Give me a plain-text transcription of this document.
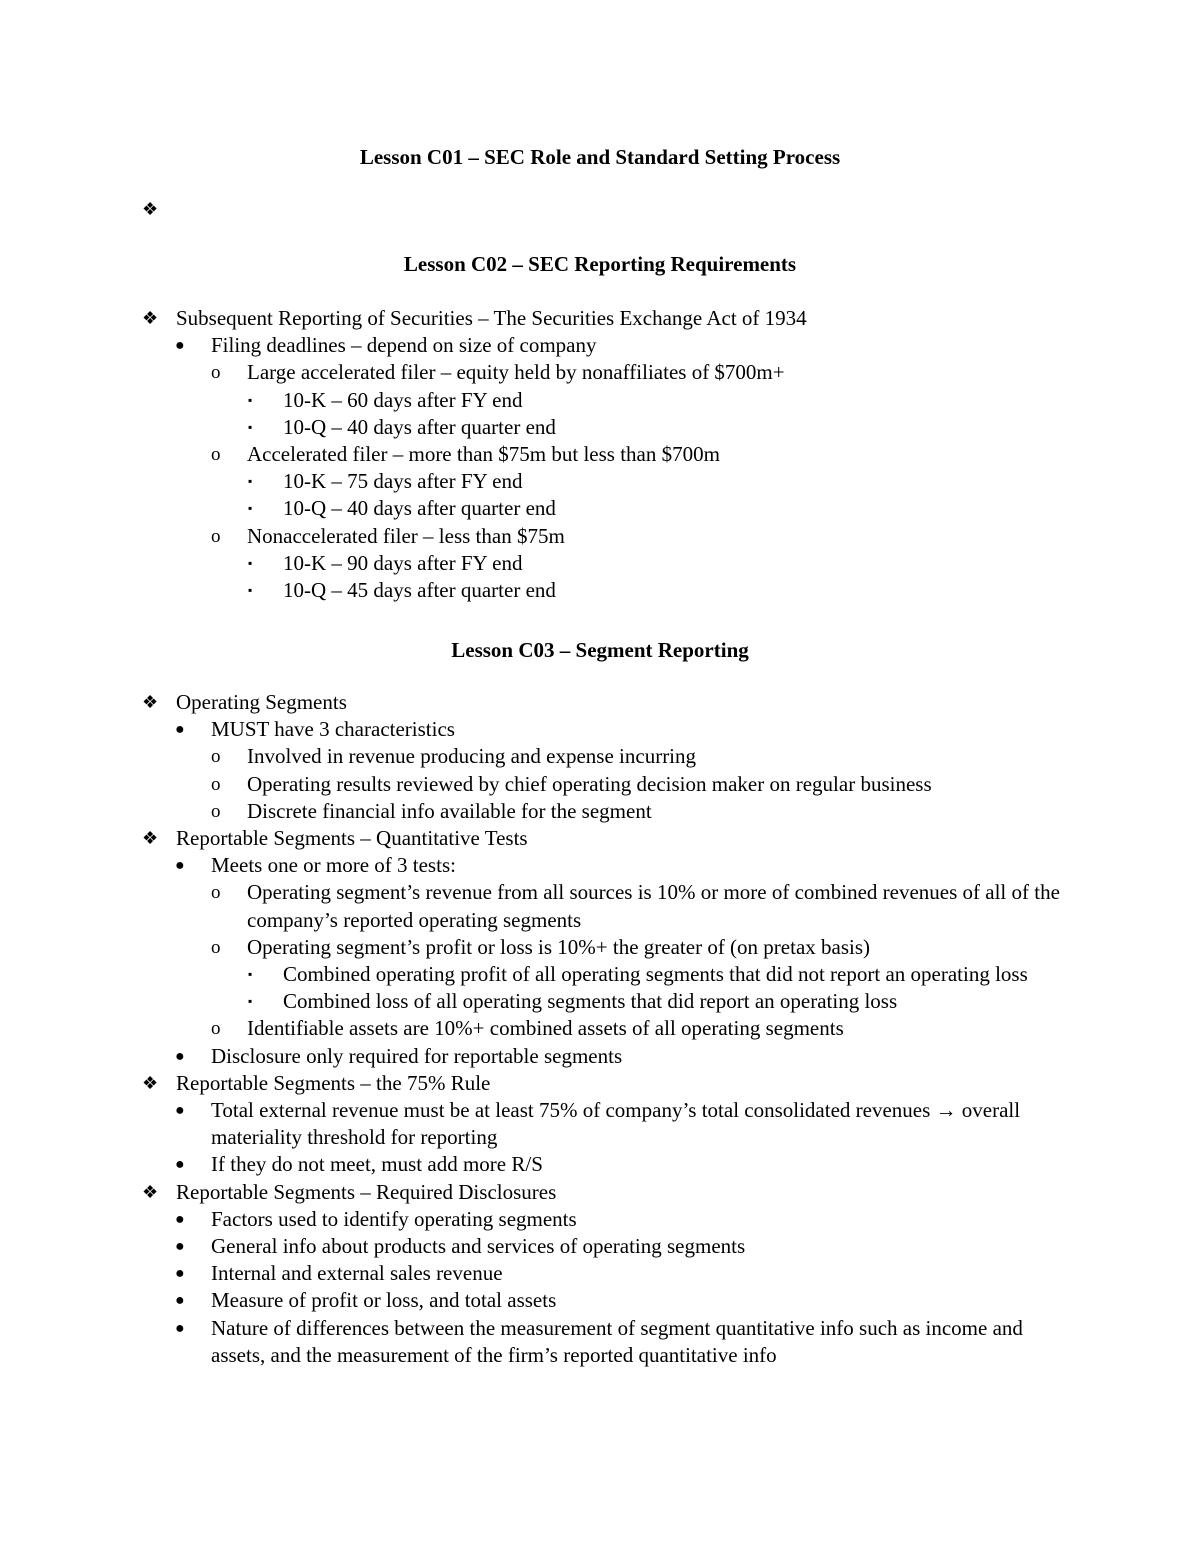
Lesson C01 – SEC Role and Standard Setting Process
❖

Lesson C02 – SEC Reporting Requirements
❖ Subsequent Reporting of Securities – The Securities Exchange Act of 1934
● Filing deadlines – depend on size of company
o Large accelerated filer – equity held by nonaffiliates of $700m+
▪ 10-K – 60 days after FY end
▪ 10-Q – 40 days after quarter end
o Accelerated filer – more than $75m but less than $700m
▪ 10-K – 75 days after FY end
▪ 10-Q – 40 days after quarter end
o Nonaccelerated filer – less than $75m
▪ 10-K – 90 days after FY end
▪ 10-Q – 45 days after quarter end
Lesson C03 – Segment Reporting
❖ Operating Segments
● MUST have 3 characteristics
o Involved in revenue producing and expense incurring
o Operating results reviewed by chief operating decision maker on regular business
o Discrete financial info available for the segment
❖ Reportable Segments – Quantitative Tests
● Meets one or more of 3 tests:
o Operating segment’s revenue from all sources is 10% or more of combined revenues of all of the company’s reported operating segments
o Operating segment’s profit or loss is 10%+ the greater of (on pretax basis)
▪ Combined operating profit of all operating segments that did not report an operating loss
▪ Combined loss of all operating segments that did report an operating loss
o Identifiable assets are 10%+ combined assets of all operating segments
● Disclosure only required for reportable segments
❖ Reportable Segments – the 75% Rule
● Total external revenue must be at least 75% of company’s total consolidated revenues → overall materiality threshold for reporting
● If they do not meet, must add more R/S
❖ Reportable Segments – Required Disclosures
● Factors used to identify operating segments
● General info about products and services of operating segments
● Internal and external sales revenue
● Measure of profit or loss, and total assets
● Nature of differences between the measurement of segment quantitative info such as income and assets, and the measurement of the firm’s reported quantitative info
